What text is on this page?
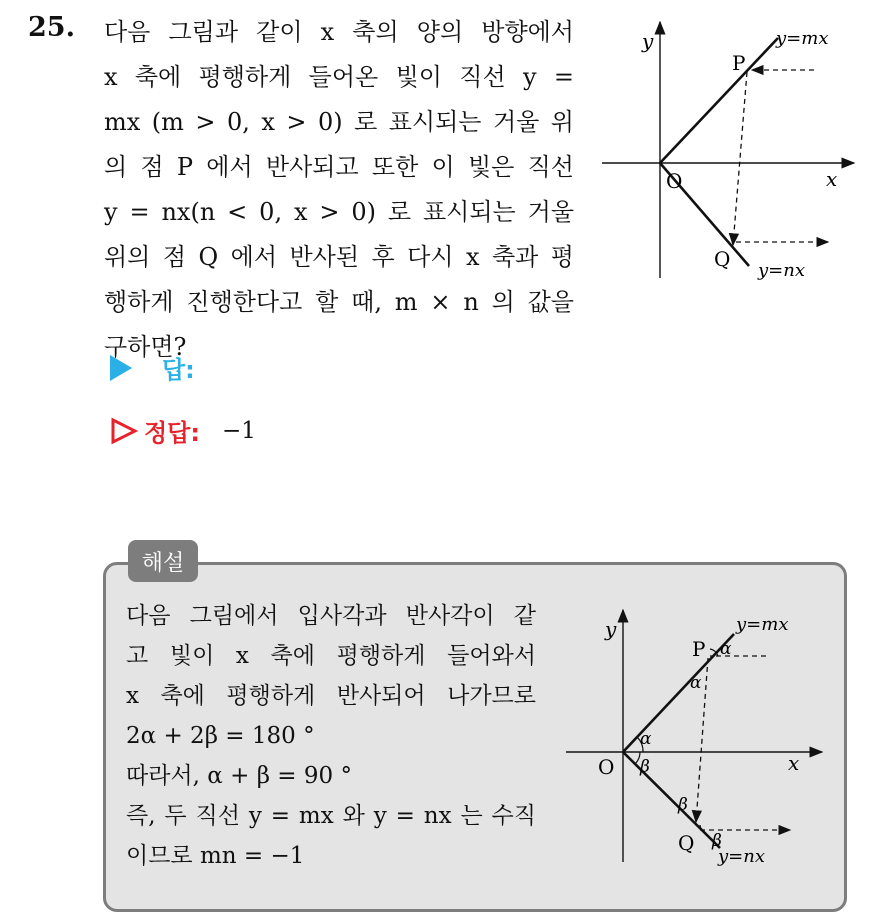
25. 다음 그림과 같이 x 축의 양의 방향에서
x 축에 평행하게 들어온 빛이 직선 y =
mx (m > 0, x > 0) 로 표시되는 거울 위
의 점 P 에서 반사되고 또한 이 빛은 직선
y = nx(n < 0, x > 0) 로 표시되는 거울
위의 점 Q 에서 반사된 후 다시 x 축과 평
행하게 진행한다고 할 때, m × n 의 값을
구하면?
y
x
O
P
Q
y=mx
y=nx
답:
정답: −1
해설
다음 그림에서 입사각과 반사각이 같
고 빛이 x 축에 평행하게 들어와서
x 축에 평행하게 반사되어 나가므로
2α + 2β = 180 °
따라서, α + β = 90 °
즉, 두 직선 y = mx 와 y = nx 는 수직
이므로 mn = −1
y
x
O
P
Q
y=mx
y=nx
α
α
α
β
β
β
